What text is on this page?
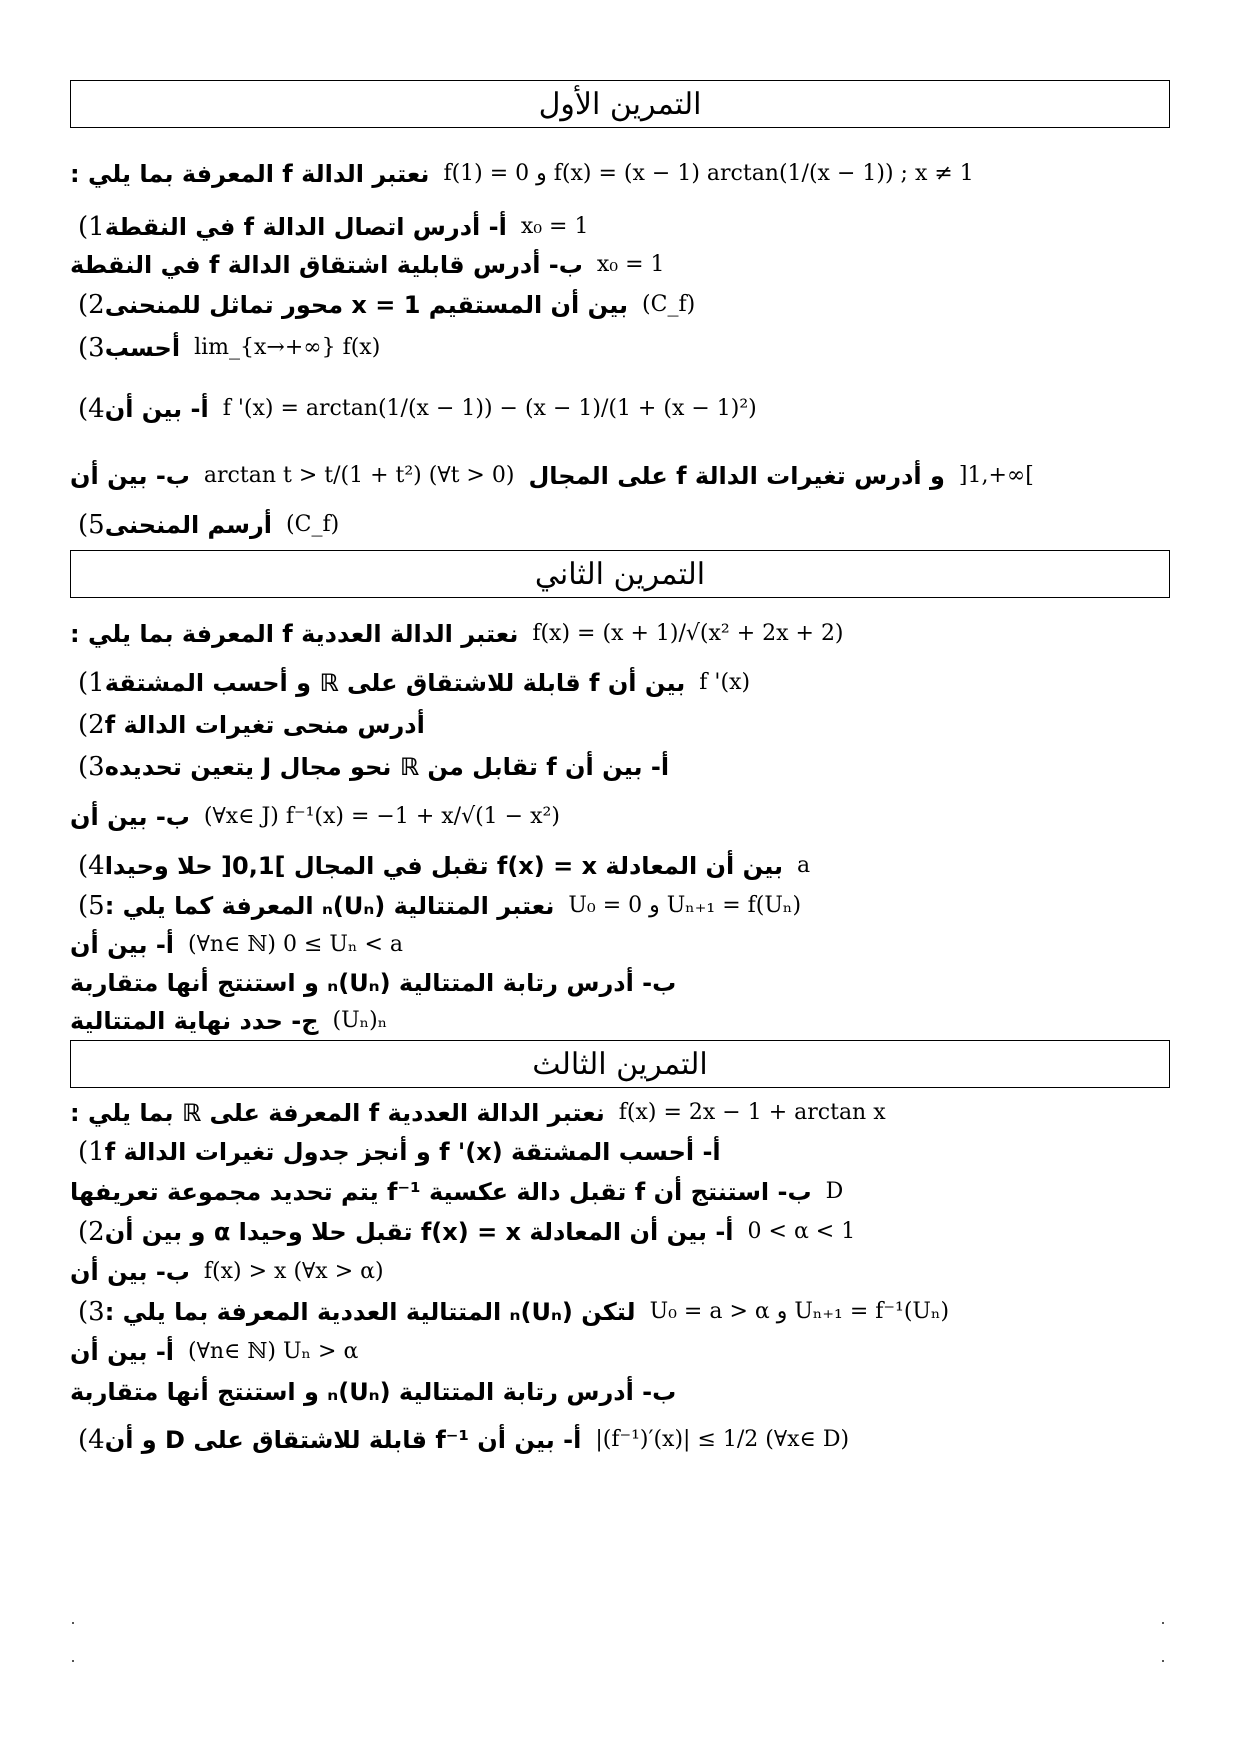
التمرين الأول
نعتبر الدالة f المعرفة بما يلي : f(1) = 0 و f(x) = (x − 1) arctan(1/(x − 1)) ; x ≠ 1
1) أ- أدرس اتصال الدالة f في النقطة x₀ = 1
ب- أدرس قابلية اشتقاق الدالة f في النقطة x₀ = 1
2) بين أن المستقيم x = 1 محور تماثل للمنحنى (C_f)
3) أحسب lim_{x→+∞} f(x)
4) أ- بين أن f '(x) = arctan(1/(x − 1)) − (x − 1)/(1 + (x − 1)²)
ب- بين أن arctan t > t/(1 + t²) (∀t > 0) و أدرس تغيرات الدالة f على المجال ]1,+∞[
5) أرسم المنحنى (C_f)
التمرين الثاني
نعتبر الدالة العددية f المعرفة بما يلي : f(x) = (x + 1)/√(x² + 2x + 2)
1) بين أن f قابلة للاشتقاق على ℝ و أحسب المشتقة f '(x)
2) أدرس منحى تغيرات الدالة f
3) أ- بين أن f تقابل من ℝ نحو مجال J يتعين تحديده
ب- بين أن (∀x∈ J) f⁻¹(x) = −1 + x/√(1 − x²)
4) بين أن المعادلة f(x) = x تقبل في المجال ]0,1[ حلا وحيدا a
5) نعتبر المتتالية (Uₙ)ₙ المعرفة كما يلي : U₀ = 0 و Uₙ₊₁ = f(Uₙ)
أ- بين أن (∀n∈ ℕ) 0 ≤ Uₙ < a
ب- أدرس رتابة المتتالية (Uₙ)ₙ و استنتج أنها متقاربة
ج- حدد نهاية المتتالية (Uₙ)ₙ
التمرين الثالث
نعتبر الدالة العددية f المعرفة على ℝ بما يلي : f(x) = 2x − 1 + arctan x
1) أ- أحسب المشتقة f '(x) و أنجز جدول تغيرات الدالة f
ب- استنتج أن f تقبل دالة عكسية f⁻¹ يتم تحديد مجموعة تعريفها D
2) أ- بين أن المعادلة f(x) = x تقبل حلا وحيدا α و بين أن 0 < α < 1
ب- بين أن f(x) > x (∀x > α)
3) لتكن (Uₙ)ₙ المتتالية العددية المعرفة بما يلي : U₀ = a > α و Uₙ₊₁ = f⁻¹(Uₙ)
أ- بين أن (∀n∈ ℕ) Uₙ > α
ب- أدرس رتابة المتتالية (Uₙ)ₙ و استنتج أنها متقاربة
4) أ- بين أن f⁻¹ قابلة للاشتقاق على D و أن |(f⁻¹)′(x)| ≤ 1/2 (∀x∈ D)
